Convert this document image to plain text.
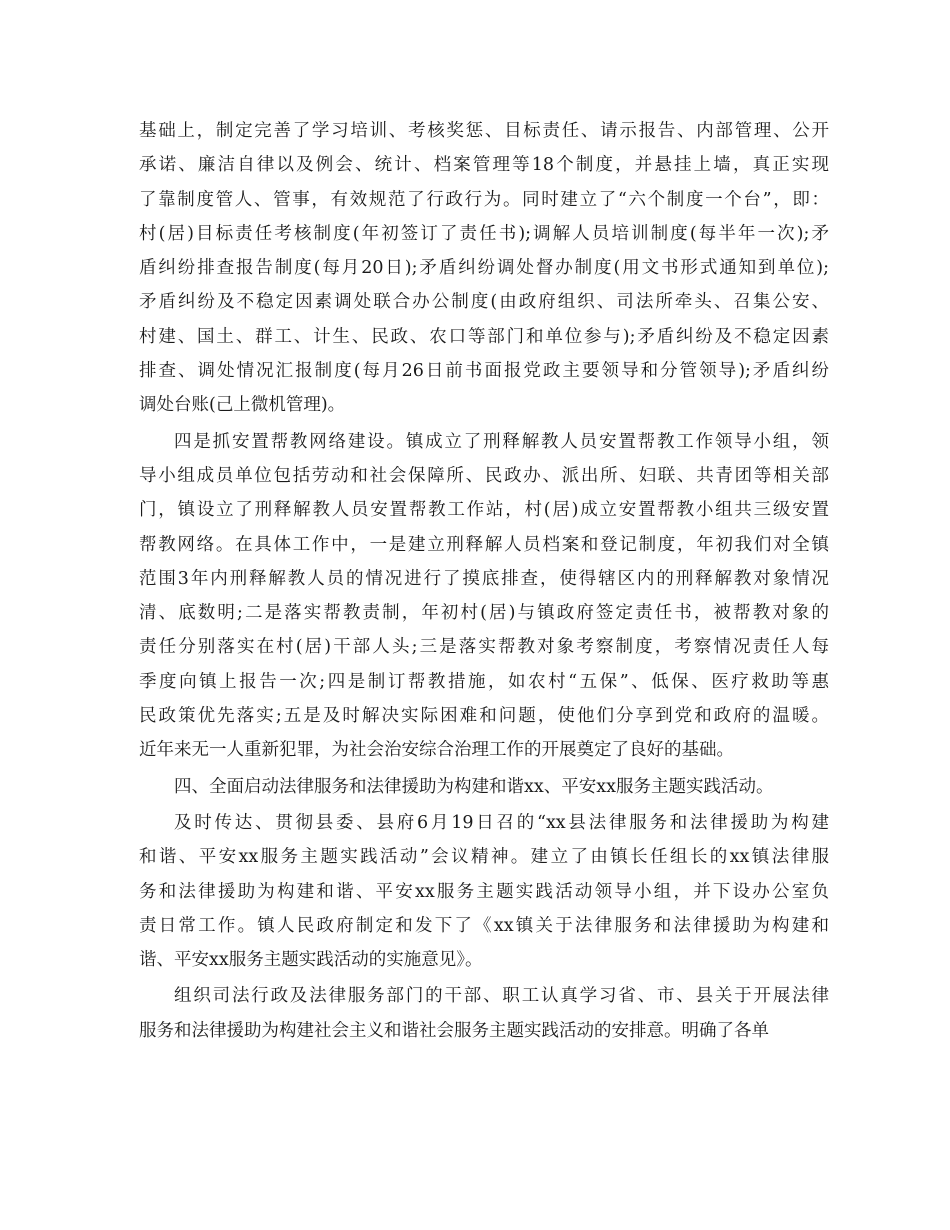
基础上，制定完善了学习培训、考核奖惩、目标责任、请示报告、内部管理、公开
承诺、廉洁自律以及例会、统计、档案管理等18个制度，并悬挂上墙，真正实现
了靠制度管人、管事，有效规范了行政行为。同时建立了“六个制度一个台”，即：
村(居)目标责任考核制度(年初签订了责任书);调解人员培训制度(每半年一次);矛
盾纠纷排查报告制度(每月20日);矛盾纠纷调处督办制度(用文书形式通知到单位);
矛盾纠纷及不稳定因素调处联合办公制度(由政府组织、司法所牵头、召集公安、
村建、国土、群工、计生、民政、农口等部门和单位参与);矛盾纠纷及不稳定因素
排查、调处情况汇报制度(每月26日前书面报党政主要领导和分管领导);矛盾纠纷
调处台账(己上微机管理)。
四是抓安置帮教网络建设。镇成立了刑释解教人员安置帮教工作领导小组，领
导小组成员单位包括劳动和社会保障所、民政办、派出所、妇联、共青团等相关部
门，镇设立了刑释解教人员安置帮教工作站，村(居)成立安置帮教小组共三级安置
帮教网络。在具体工作中，一是建立刑释解人员档案和登记制度，年初我们对全镇
范围3年内刑释解教人员的情况进行了摸底排查，使得辖区内的刑释解教对象情况
清、底数明;二是落实帮教责制，年初村(居)与镇政府签定责任书，被帮教对象的
责任分别落实在村(居)干部人头;三是落实帮教对象考察制度，考察情况责任人每
季度向镇上报告一次;四是制订帮教措施，如农村“五保”、低保、医疗救助等惠
民政策优先落实;五是及时解决实际困难和问题，使他们分享到党和政府的温暖。
近年来无一人重新犯罪，为社会治安综合治理工作的开展奠定了良好的基础。
四、全面启动法律服务和法律援助为构建和谐xx、平安xx服务主题实践活动。
及时传达、贯彻县委、县府6月19日召的“xx县法律服务和法律援助为构建
和谐、平安xx服务主题实践活动”会议精神。建立了由镇长任组长的xx镇法律服
务和法律援助为构建和谐、平安xx服务主题实践活动领导小组，并下设办公室负
责日常工作。镇人民政府制定和发下了《xx镇关于法律服务和法律援助为构建和
谐、平安xx服务主题实践活动的实施意见》。
组织司法行政及法律服务部门的干部、职工认真学习省、市、县关于开展法律
服务和法律援助为构建社会主义和谐社会服务主题实践活动的安排意。明确了各单
